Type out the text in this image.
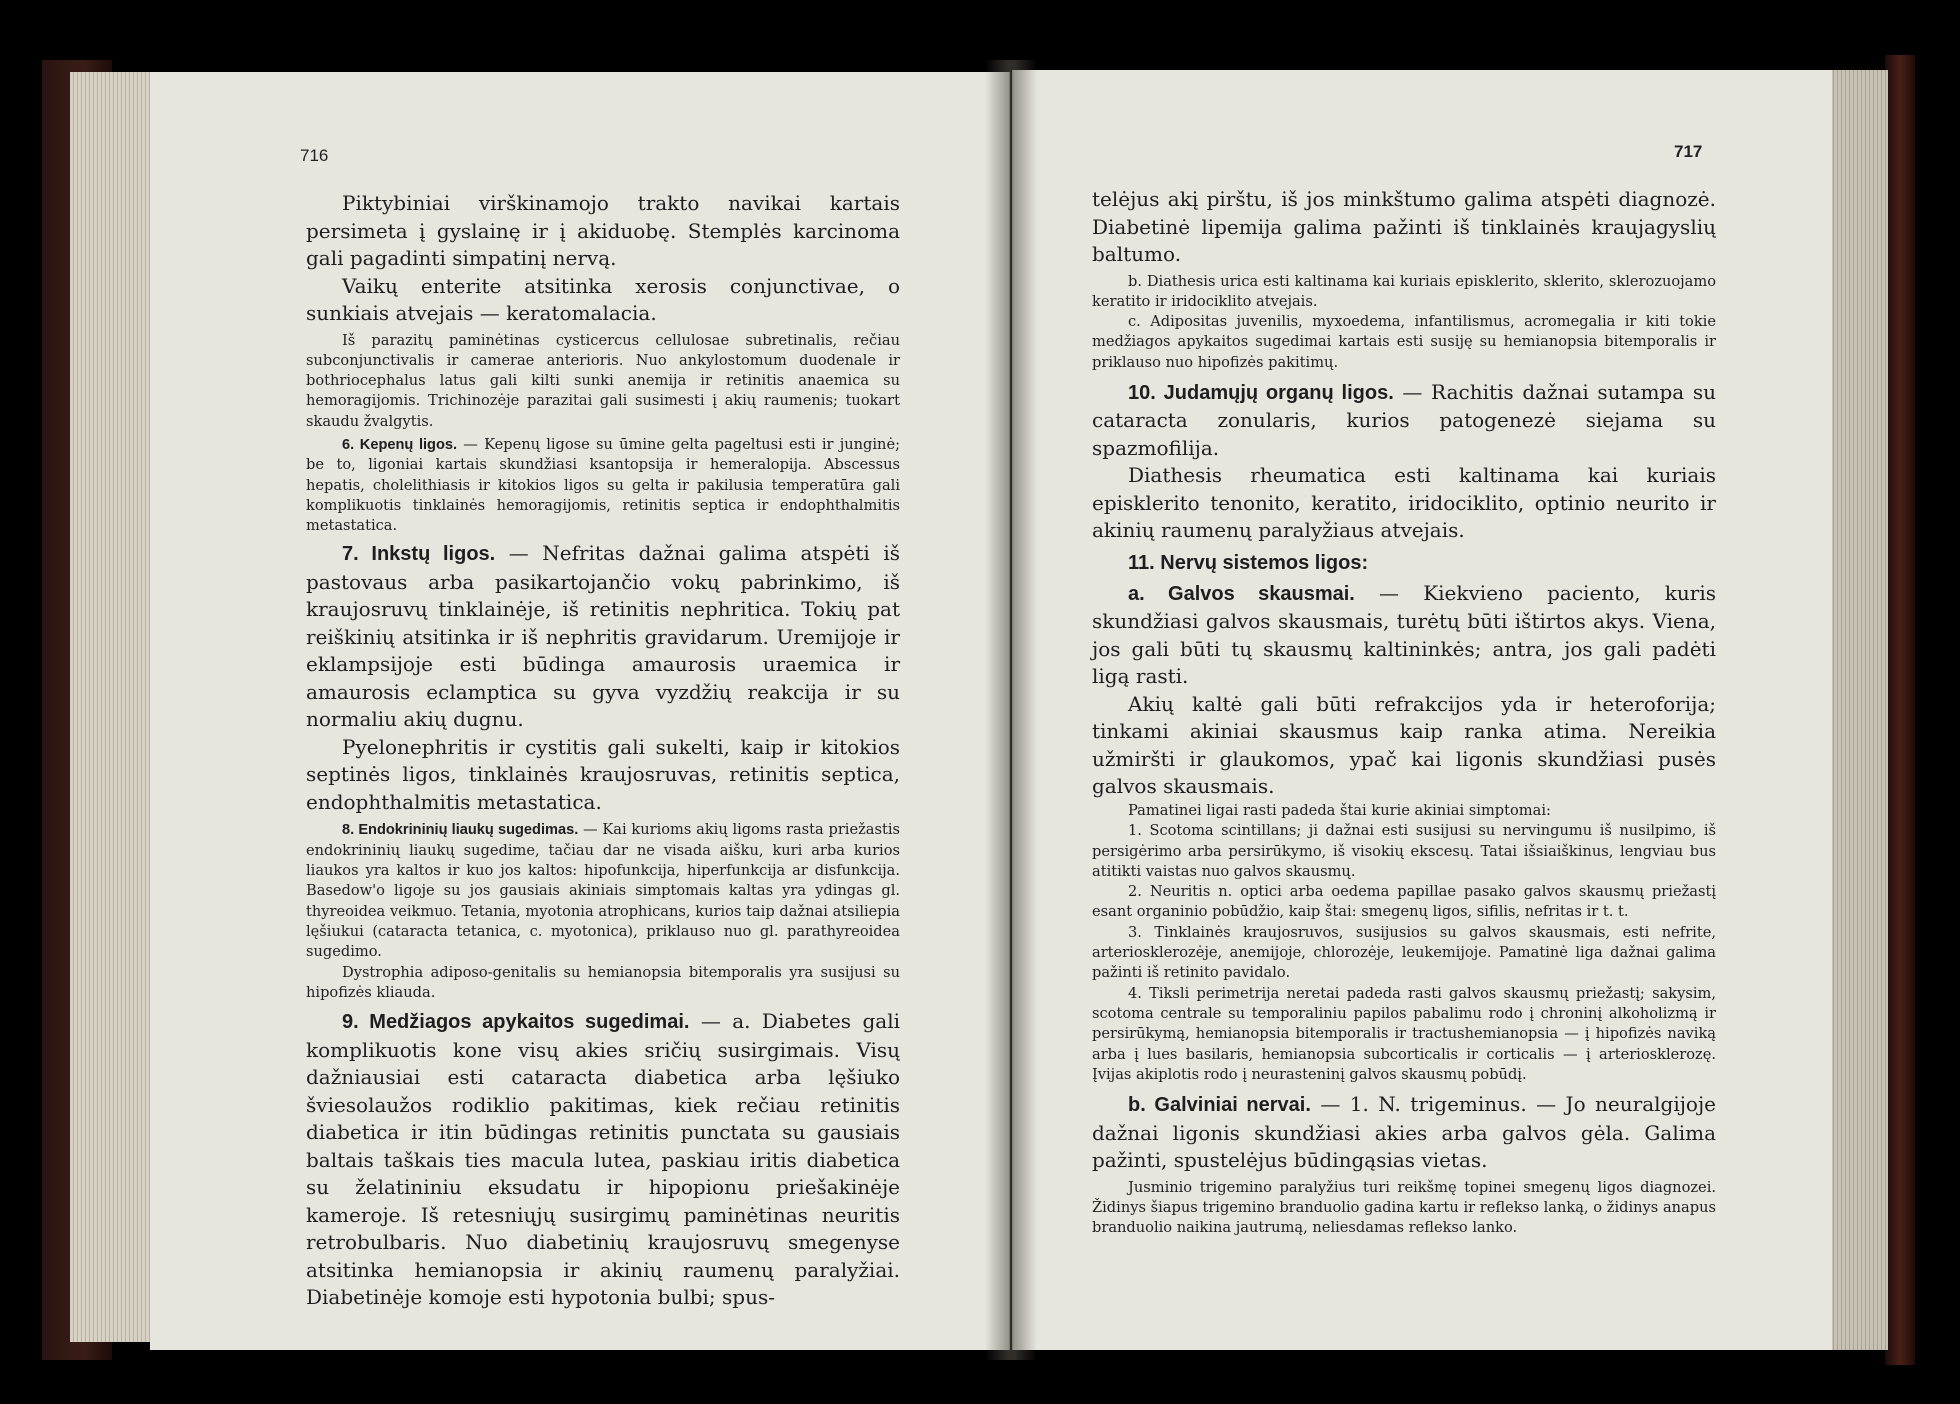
716

Piktybiniai virškinamojo trakto navikai kartais persimeta į gyslainę ir į akiduobę. Stemplės karcinoma gali pagadinti simpatinį nervą.

Vaikų enterite atsitinka xerosis conjunctivae, o sunkiais atvejais — keratomalacia.

Iš parazitų paminėtinas cysticercus cellulosae subretinalis, rečiau subconjunctivalis ir camerae anterioris. Nuo ankylostomum duodenale ir bothriocephalus latus gali kilti sunki anemija ir retinitis anaemica su hemoragijomis. Trichinozėje parazitai gali susimesti į akių raumenis; tuokart skaudu žvalgytis.

6. Kepenų ligos. — Kepenų ligose su ūmine gelta pageltusi esti ir junginė; be to, ligoniai kartais skundžiasi ksantopsija ir hemeralopija. Abscessus hepatis, cholelithiasis ir kitokios ligos su gelta ir pakilusia temperatūra gali komplikuotis tinklainės hemoragijomis, retinitis septica ir endophthalmitis metastatica.

7. Inkstų ligos. — Nefritas dažnai galima atspėti iš pastovaus arba pasikartojančio vokų pabrinkimo, iš kraujosruvų tinklainėje, iš retinitis nephritica. Tokių pat reiškinių atsitinka ir iš nephritis gravidarum. Uremijoje ir eklampsijoje esti būdinga amaurosis uraemica ir amaurosis eclamptica su gyva vyzdžių reakcija ir su normaliu akių dugnu.

Pyelonephritis ir cystitis gali sukelti, kaip ir kitokios septinės ligos, tinklainės kraujosruvas, retinitis septica, endophthalmitis metastatica.

8. Endokrininių liaukų sugedimas. — Kai kurioms akių ligoms rasta priežastis endokrininių liaukų sugedime, tačiau dar ne visada aišku, kuri arba kurios liaukos yra kaltos ir kuo jos kaltos: hipofunkcija, hiperfunkcija ar disfunkcija. Basedow'o ligoje su jos gausiais akiniais simptomais kaltas yra ydingas gl. thyreoidea veikmuo. Tetania, myotonia atrophicans, kurios taip dažnai atsiliepia lęšiukui (cataracta tetanica, c. myotonica), priklauso nuo gl. parathyreoidea sugedimo.

Dystrophia adiposo-genitalis su hemianopsia bitemporalis yra susijusi su hipofizės kliauda.

9. Medžiagos apykaitos sugedimai. — a. Diabetes gali komplikuotis kone visų akies sričių susirgimais. Visų dažniausiai esti cataracta diabetica arba lęšiuko šviesolaužos rodiklio pakitimas, kiek rečiau retinitis diabetica ir itin būdingas retinitis punctata su gausiais baltais taškais ties macula lutea, paskiau iritis diabetica su želatininiu eksudatu ir hipopionu priešakinėje kameroje. Iš retesniųjų susirgimų paminėtinas neuritis retrobulbaris. Nuo diabetinių kraujosruvų smegenyse atsitinka hemianopsia ir akinių raumenų paralyžiai. Diabetinėje komoje esti hypotonia bulbi; spus-

717

telėjus akį pirštu, iš jos minkštumo galima atspėti diagnozė. Diabetinė lipemija galima pažinti iš tinklainės kraujagyslių baltumo.

b. Diathesis urica esti kaltinama kai kuriais episklerito, sklerito, sklerozuojamo keratito ir iridociklito atvejais.

c. Adipositas juvenilis, myxoedema, infantilismus, acromegalia ir kiti tokie medžiagos apykaitos sugedimai kartais esti susiję su hemianopsia bitemporalis ir priklauso nuo hipofizės pakitimų.

10. Judamųjų organų ligos. — Rachitis dažnai sutampa su cataracta zonularis, kurios patogenezė siejama su spazmofilija.

Diathesis rheumatica esti kaltinama kai kuriais episklerito tenonito, keratito, iridociklito, optinio neurito ir akinių raumenų paralyžiaus atvejais.

11. Nervų sistemos ligos:

a. Galvos skausmai. — Kiekvieno paciento, kuris skundžiasi galvos skausmais, turėtų būti ištirtos akys. Viena, jos gali būti tų skausmų kaltininkės; antra, jos gali padėti ligą rasti.

Akių kaltė gali būti refrakcijos yda ir heteroforija; tinkami akiniai skausmus kaip ranka atima. Nereikia užmiršti ir glaukomos, ypač kai ligonis skundžiasi pusės galvos skausmais.

Pamatinei ligai rasti padeda štai kurie akiniai simptomai:

1. Scotoma scintillans; ji dažnai esti susijusi su nervingumu iš nusilpimo, iš persigėrimo arba persirūkymo, iš visokių ekscesų. Tatai išsiaiškinus, lengviau bus atitikti vaistas nuo galvos skausmų.

2. Neuritis n. optici arba oedema papillae pasako galvos skausmų priežastį esant organinio pobūdžio, kaip štai: smegenų ligos, sifilis, nefritas ir t. t.

3. Tinklainės kraujosruvos, susijusios su galvos skausmais, esti nefrite, arteriosklerozėje, anemijoje, chlorozėje, leukemijoje. Pamatinė liga dažnai galima pažinti iš retinito pavidalo.

4. Tiksli perimetrija neretai padeda rasti galvos skausmų priežastį; sakysim, scotoma centrale su temporaliniu papilos pabalimu rodo į chroninį alkoholizmą ir persirūkymą, hemianopsia bitemporalis ir tractushemianopsia — į hipofizės naviką arba į lues basilaris, hemianopsia subcorticalis ir corticalis — į arteriosklerozę. Įvijas akiplotis rodo į neurasteninį galvos skausmų pobūdį.

b. Galviniai nervai. — 1. N. trigeminus. — Jo neuralgijoje dažnai ligonis skundžiasi akies arba galvos gėla. Galima pažinti, spustelėjus būdingąsias vietas.

Jusminio trigemino paralyžius turi reikšmę topinei smegenų ligos diagnozei. Židinys šiapus trigemino branduolio gadina kartu ir reflekso lanką, o židinys anapus branduolio naikina jautrumą, neliesdamas reflekso lanko.
